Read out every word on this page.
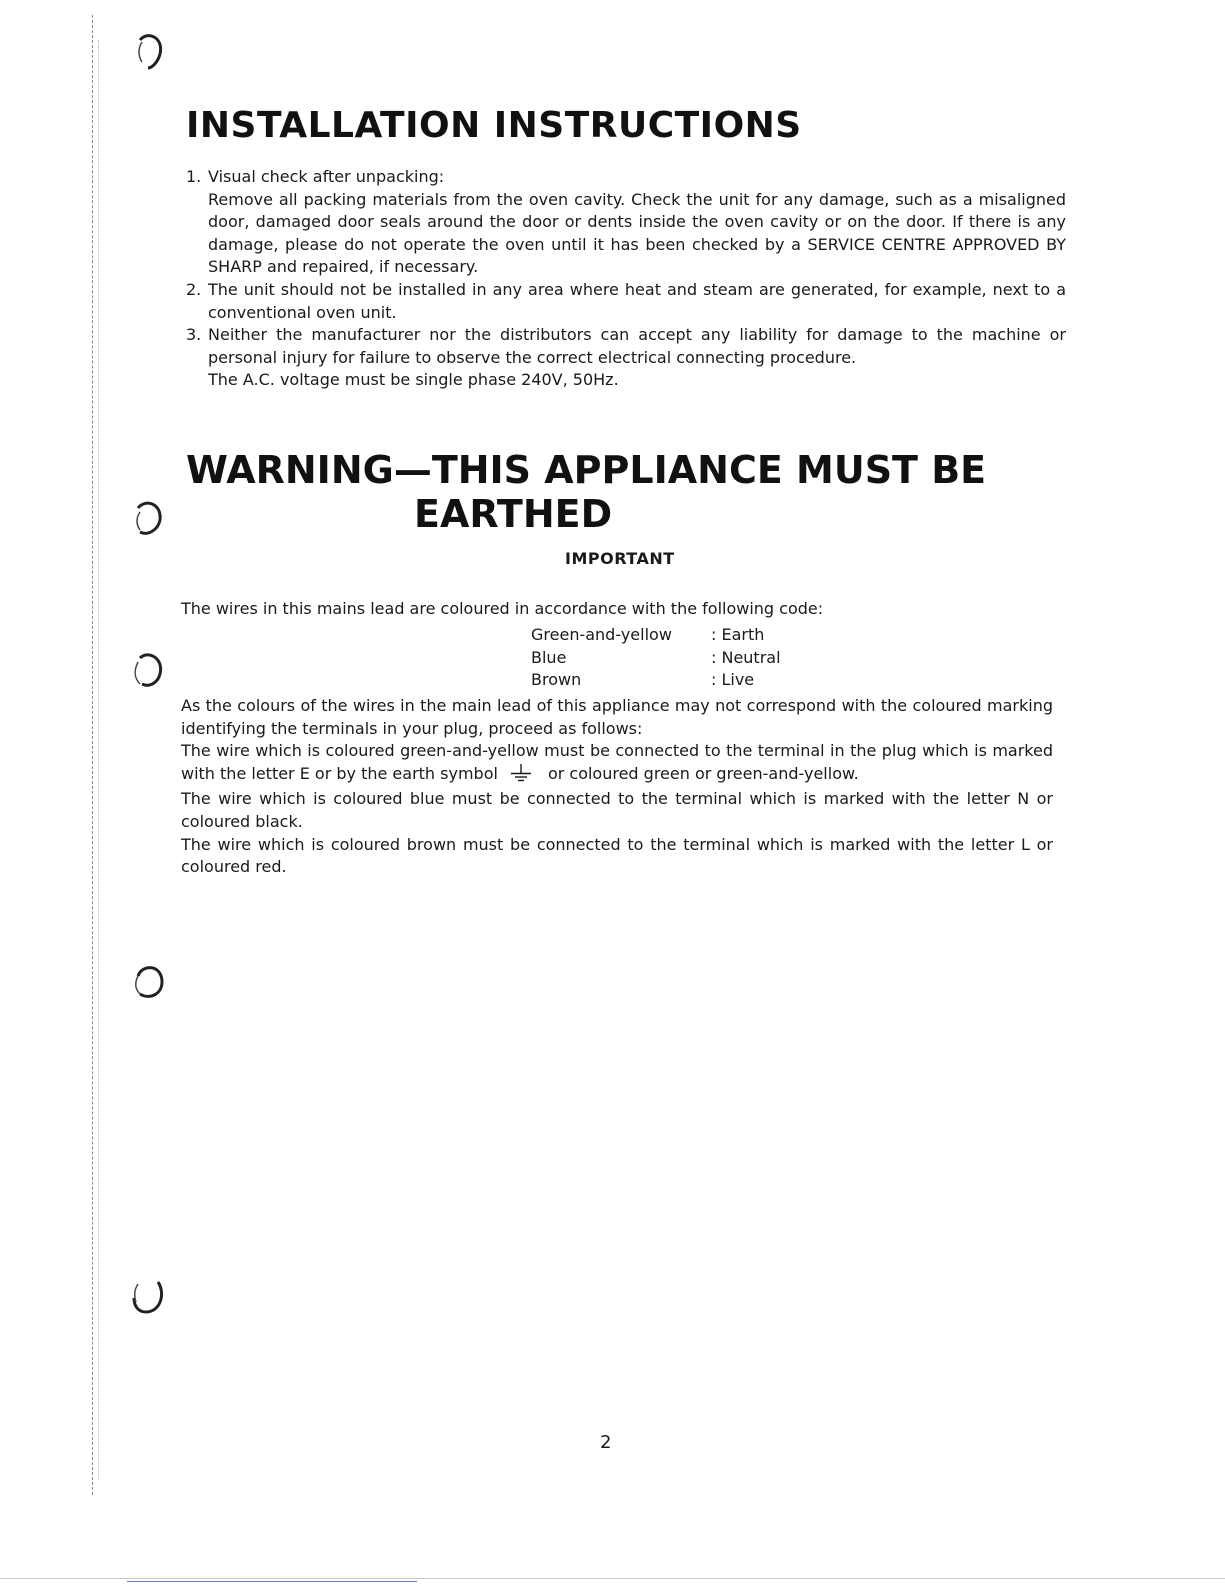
INSTALLATION INSTRUCTIONS
1. Visual check after unpacking:
Remove all packing materials from the oven cavity. Check the unit for any damage, such as a misaligned door, damaged door seals around the door or dents inside the oven cavity or on the door. If there is any damage, please do not operate the oven until it has been checked by a SERVICE CENTRE APPROVED BY SHARP and repaired, if necessary.
2. The unit should not be installed in any area where heat and steam are generated, for example, next to a conventional oven unit.
3. Neither the manufacturer nor the distributors can accept any liability for damage to the machine or personal injury for failure to observe the correct electrical connecting procedure.
The A.C. voltage must be single phase 240V, 50Hz.
WARNING—THIS APPLIANCE MUST BE
EARTHED
IMPORTANT
The wires in this mains lead are coloured in accordance with the following code:
Green-and-yellow : Earth
Blue	: Neutral
Brown	: Live
As the colours of the wires in the main lead of this appliance may not correspond with the coloured marking identifying the terminals in your plug, proceed as follows:
The wire which is coloured green-and-yellow must be connected to the terminal in the plug which is marked with the letter E or by the earth symbol	or coloured green or green-and-yellow.
The wire which is coloured blue must be connected to the terminal which is marked with the letter N or coloured black.
The wire which is coloured brown must be connected to the terminal which is marked with the letter L or coloured red.
2
